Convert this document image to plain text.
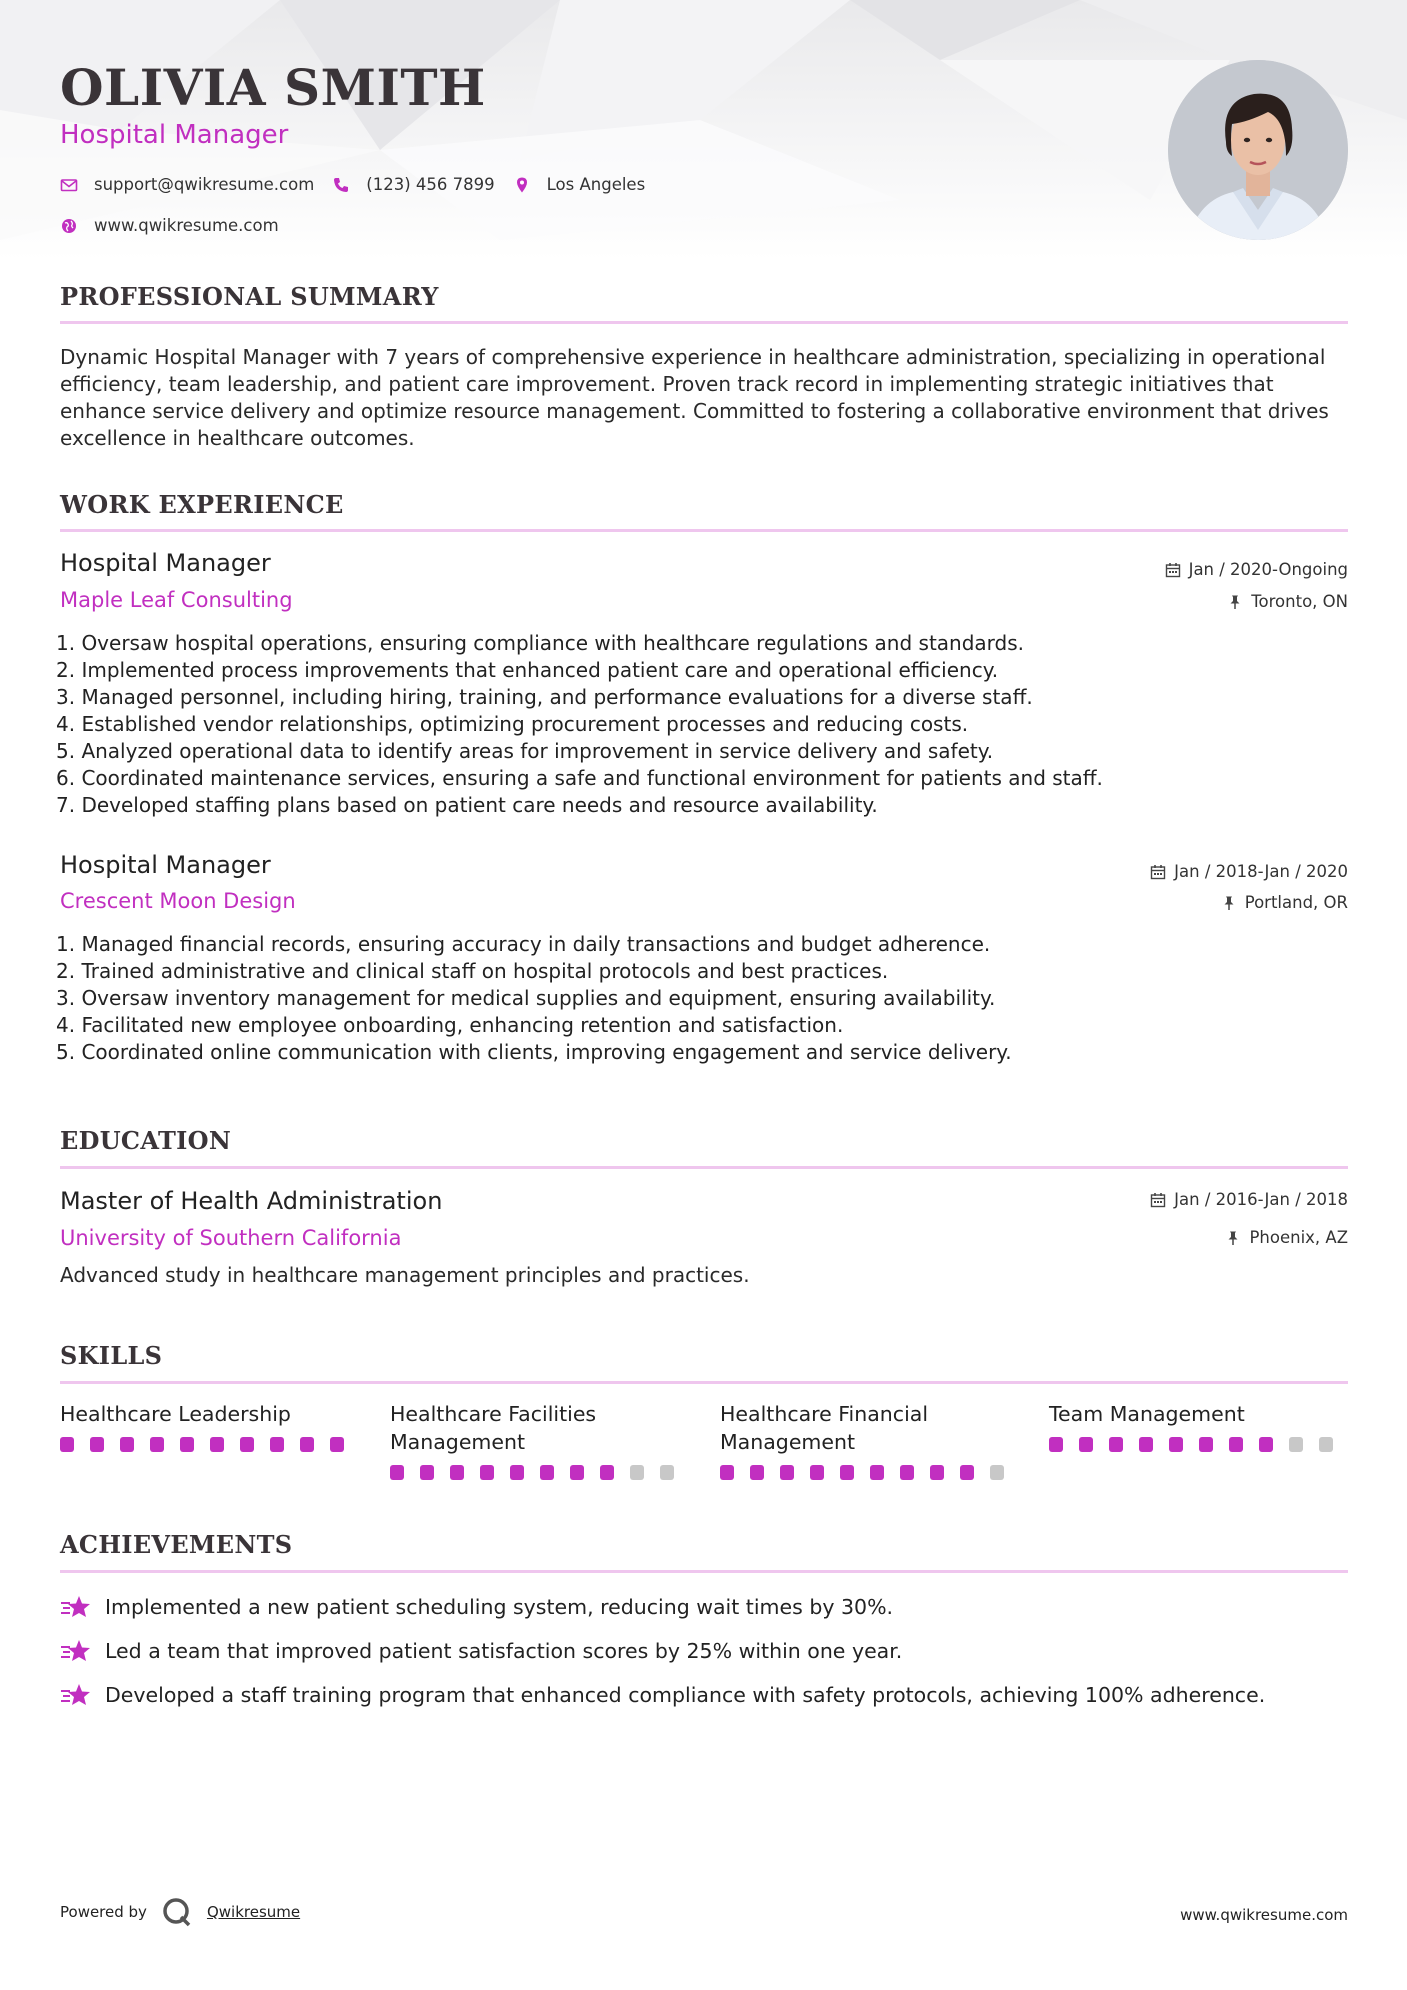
OLIVIA SMITH
Hospital Manager
support@qwikresume.com	(123) 456 7899	Los Angeles
www.qwikresume.com
PROFESSIONAL SUMMARY
Dynamic Hospital Manager with 7 years of comprehensive experience in healthcare administration, specializing in operational efficiency, team leadership, and patient care improvement. Proven track record in implementing strategic initiatives that enhance service delivery and optimize resource management. Committed to fostering a collaborative environment that drives excellence in healthcare outcomes.
WORK EXPERIENCE
Hospital Manager
Maple Leaf Consulting
Jan / 2020-Ongoing
Toronto, ON
1. Oversaw hospital operations, ensuring compliance with healthcare regulations and standards.
2. Implemented process improvements that enhanced patient care and operational efficiency.
3. Managed personnel, including hiring, training, and performance evaluations for a diverse staff.
4. Established vendor relationships, optimizing procurement processes and reducing costs.
5. Analyzed operational data to identify areas for improvement in service delivery and safety.
6. Coordinated maintenance services, ensuring a safe and functional environment for patients and staff.
7. Developed staffing plans based on patient care needs and resource availability.
Hospital Manager
Crescent Moon Design
Jan / 2018-Jan / 2020
Portland, OR
1. Managed financial records, ensuring accuracy in daily transactions and budget adherence.
2. Trained administrative and clinical staff on hospital protocols and best practices.
3. Oversaw inventory management for medical supplies and equipment, ensuring availability.
4. Facilitated new employee onboarding, enhancing retention and satisfaction.
5. Coordinated online communication with clients, improving engagement and service delivery.
EDUCATION
Master of Health Administration
University of Southern California
Jan / 2016-Jan / 2018
Phoenix, AZ
Advanced study in healthcare management principles and practices.
SKILLS
Healthcare Leadership	Healthcare Facilities Management
Healthcare Financial Management
Team Management
ACHIEVEMENTS
Implemented a new patient scheduling system, reducing wait times by 30%.
Led a team that improved patient satisfaction scores by 25% within one year.
Developed a staff training program that enhanced compliance with safety protocols, achieving 100% adherence.
Powered by	Qwikresume	www.qwikresume.com
